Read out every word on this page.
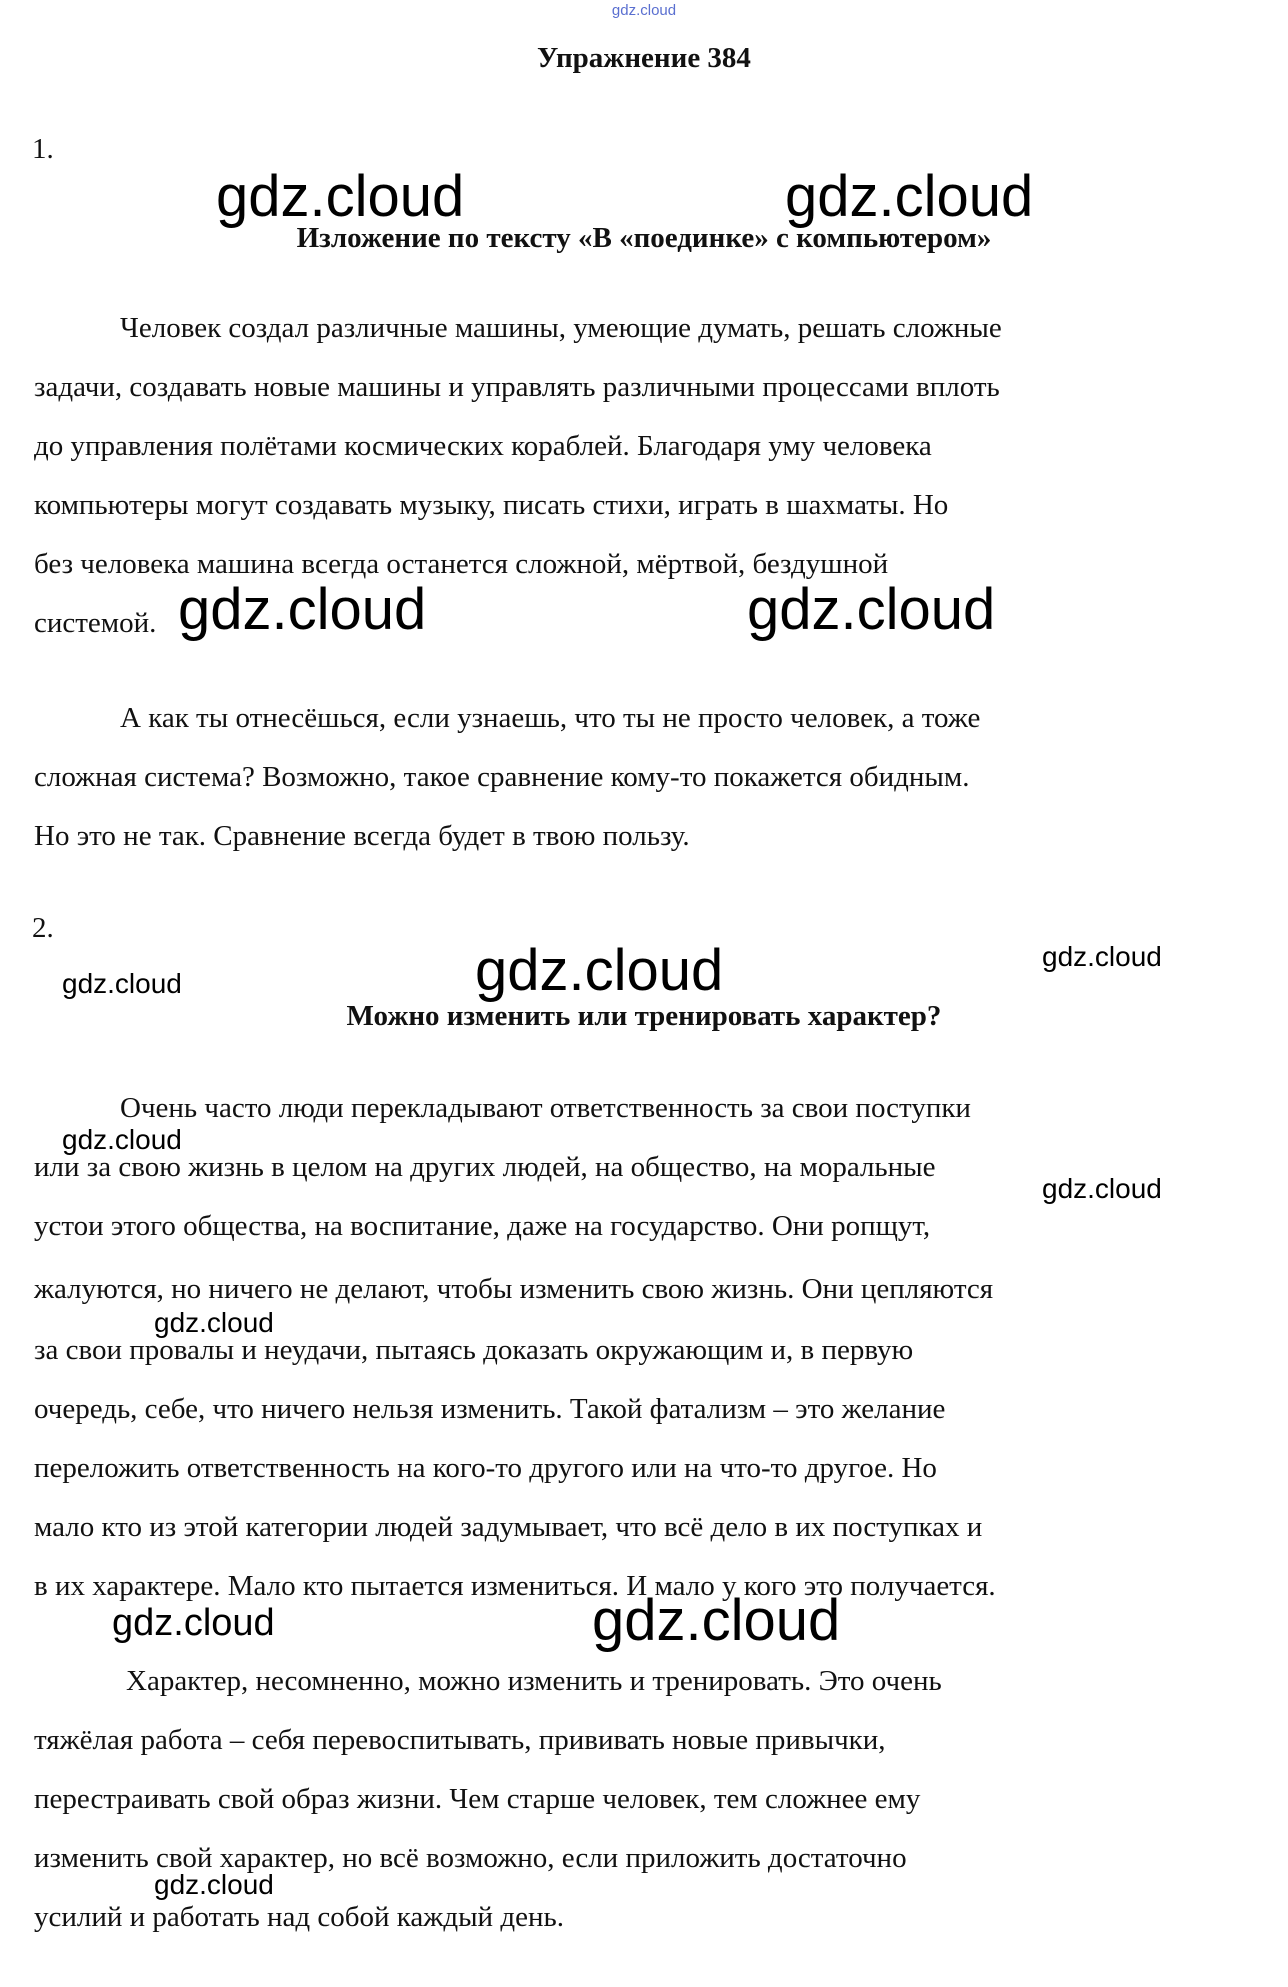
gdz.cloud
Упражнение 384
1.
Изложение по тексту «В «поединке» с компьютером»
Человек создал различные машины, умеющие думать, решать сложные
задачи, создавать новые машины и управлять различными процессами вплоть
до управления полётами космических кораблей. Благодаря уму человека
компьютеры могут создавать музыку, писать стихи, играть в шахматы. Но
без человека машина всегда останется сложной, мёртвой, бездушной
системой.
А как ты отнесёшься, если узнаешь, что ты не просто человек, а тоже
сложная система? Возможно, такое сравнение кому-то покажется обидным.
Но это не так. Сравнение всегда будет в твою пользу.
2.
Можно изменить или тренировать характер?
Очень часто люди перекладывают ответственность за свои поступки
или за свою жизнь в целом на других людей, на общество, на моральные
устои этого общества, на воспитание, даже на государство. Они ропщут,
жалуются, но ничего не делают, чтобы изменить свою жизнь. Они цепляются
за свои провалы и неудачи, пытаясь доказать окружающим и, в первую
очередь, себе, что ничего нельзя изменить. Такой фатализм – это желание
переложить ответственность на кого-то другого или на что-то другое. Но
мало кто из этой категории людей задумывает, что всё дело в их поступках и
в их характере. Мало кто пытается измениться. И мало у кого это получается.
Характер, несомненно, можно изменить и тренировать. Это очень
тяжёлая работа – себя перевоспитывать, прививать новые привычки,
перестраивать свой образ жизни. Чем старше человек, тем сложнее ему
изменить свой характер, но всё возможно, если приложить достаточно
усилий и работать над собой каждый день.
gdz.cloud	gdz.cloud
gdz.cloud	gdz.cloud
gdz.cloud
gdz.cloud
gdz.cloud
gdz.cloud
gdz.cloud
gdz.cloud
gdz.cloud	gdz.cloud
gdz.cloud
